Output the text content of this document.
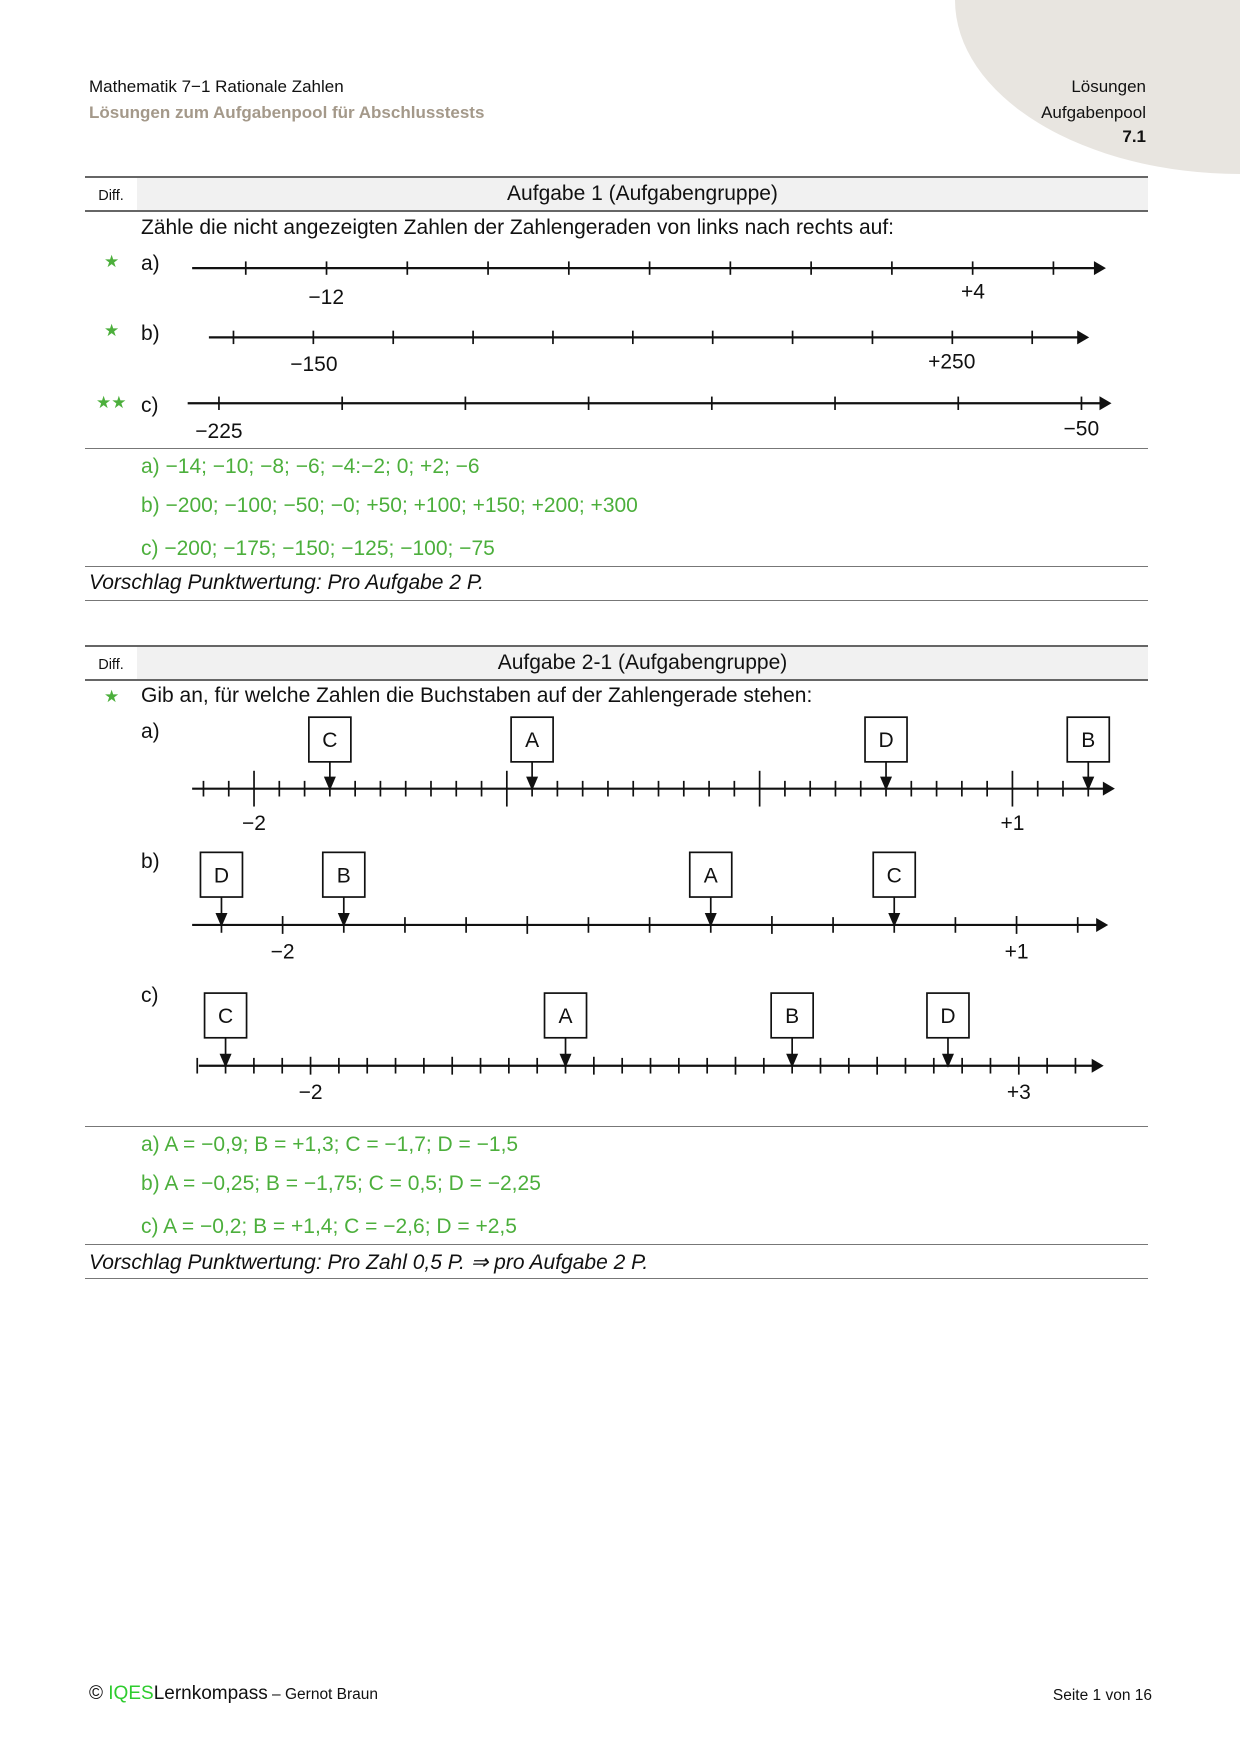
Mathematik 7−1 Rationale Zahlen
Lösungen zum Aufgabenpool für Abschlusstests
Lösungen
Aufgabenpool
7.1
Diff.	Aufgabe 1 (Aufgabengruppe)
Zähle die nicht angezeigten Zahlen der Zahlengeraden von links nach rechts auf:
★ a)
★ b)
★★ c)
−12	+4
−150	+250
−225	−50
−2	+1
C	A	D	B
−2	+1
D	B	A	C
−2	+3
C	A	B	D
a) −14; −10; −8; −6; −4:−2; 0; +2; −6
b) −200; −100; −50; −0; +50; +100; +150; +200; +300
c) −200; −175; −150; −125; −100; −75
Vorschlag Punktwertung: Pro Aufgabe 2 P.
Diff.	Aufgabe 2-1 (Aufgabengruppe)
★ Gib an, für welche Zahlen die Buchstaben auf der Zahlengerade stehen:
a)
b)
c)
a) A = −0,9; B = +1,3; C = −1,7; D = −1,5
b) A = −0,25; B = −1,75; C = 0,5; D = −2,25
c) A = −0,2; B = +1,4; C = −2,6; D = +2,5
Vorschlag Punktwertung: Pro Zahl 0,5 P. ⇒ pro Aufgabe 2 P.
© IQESLernkompass – Gernot Braun	Seite 1 von 16
